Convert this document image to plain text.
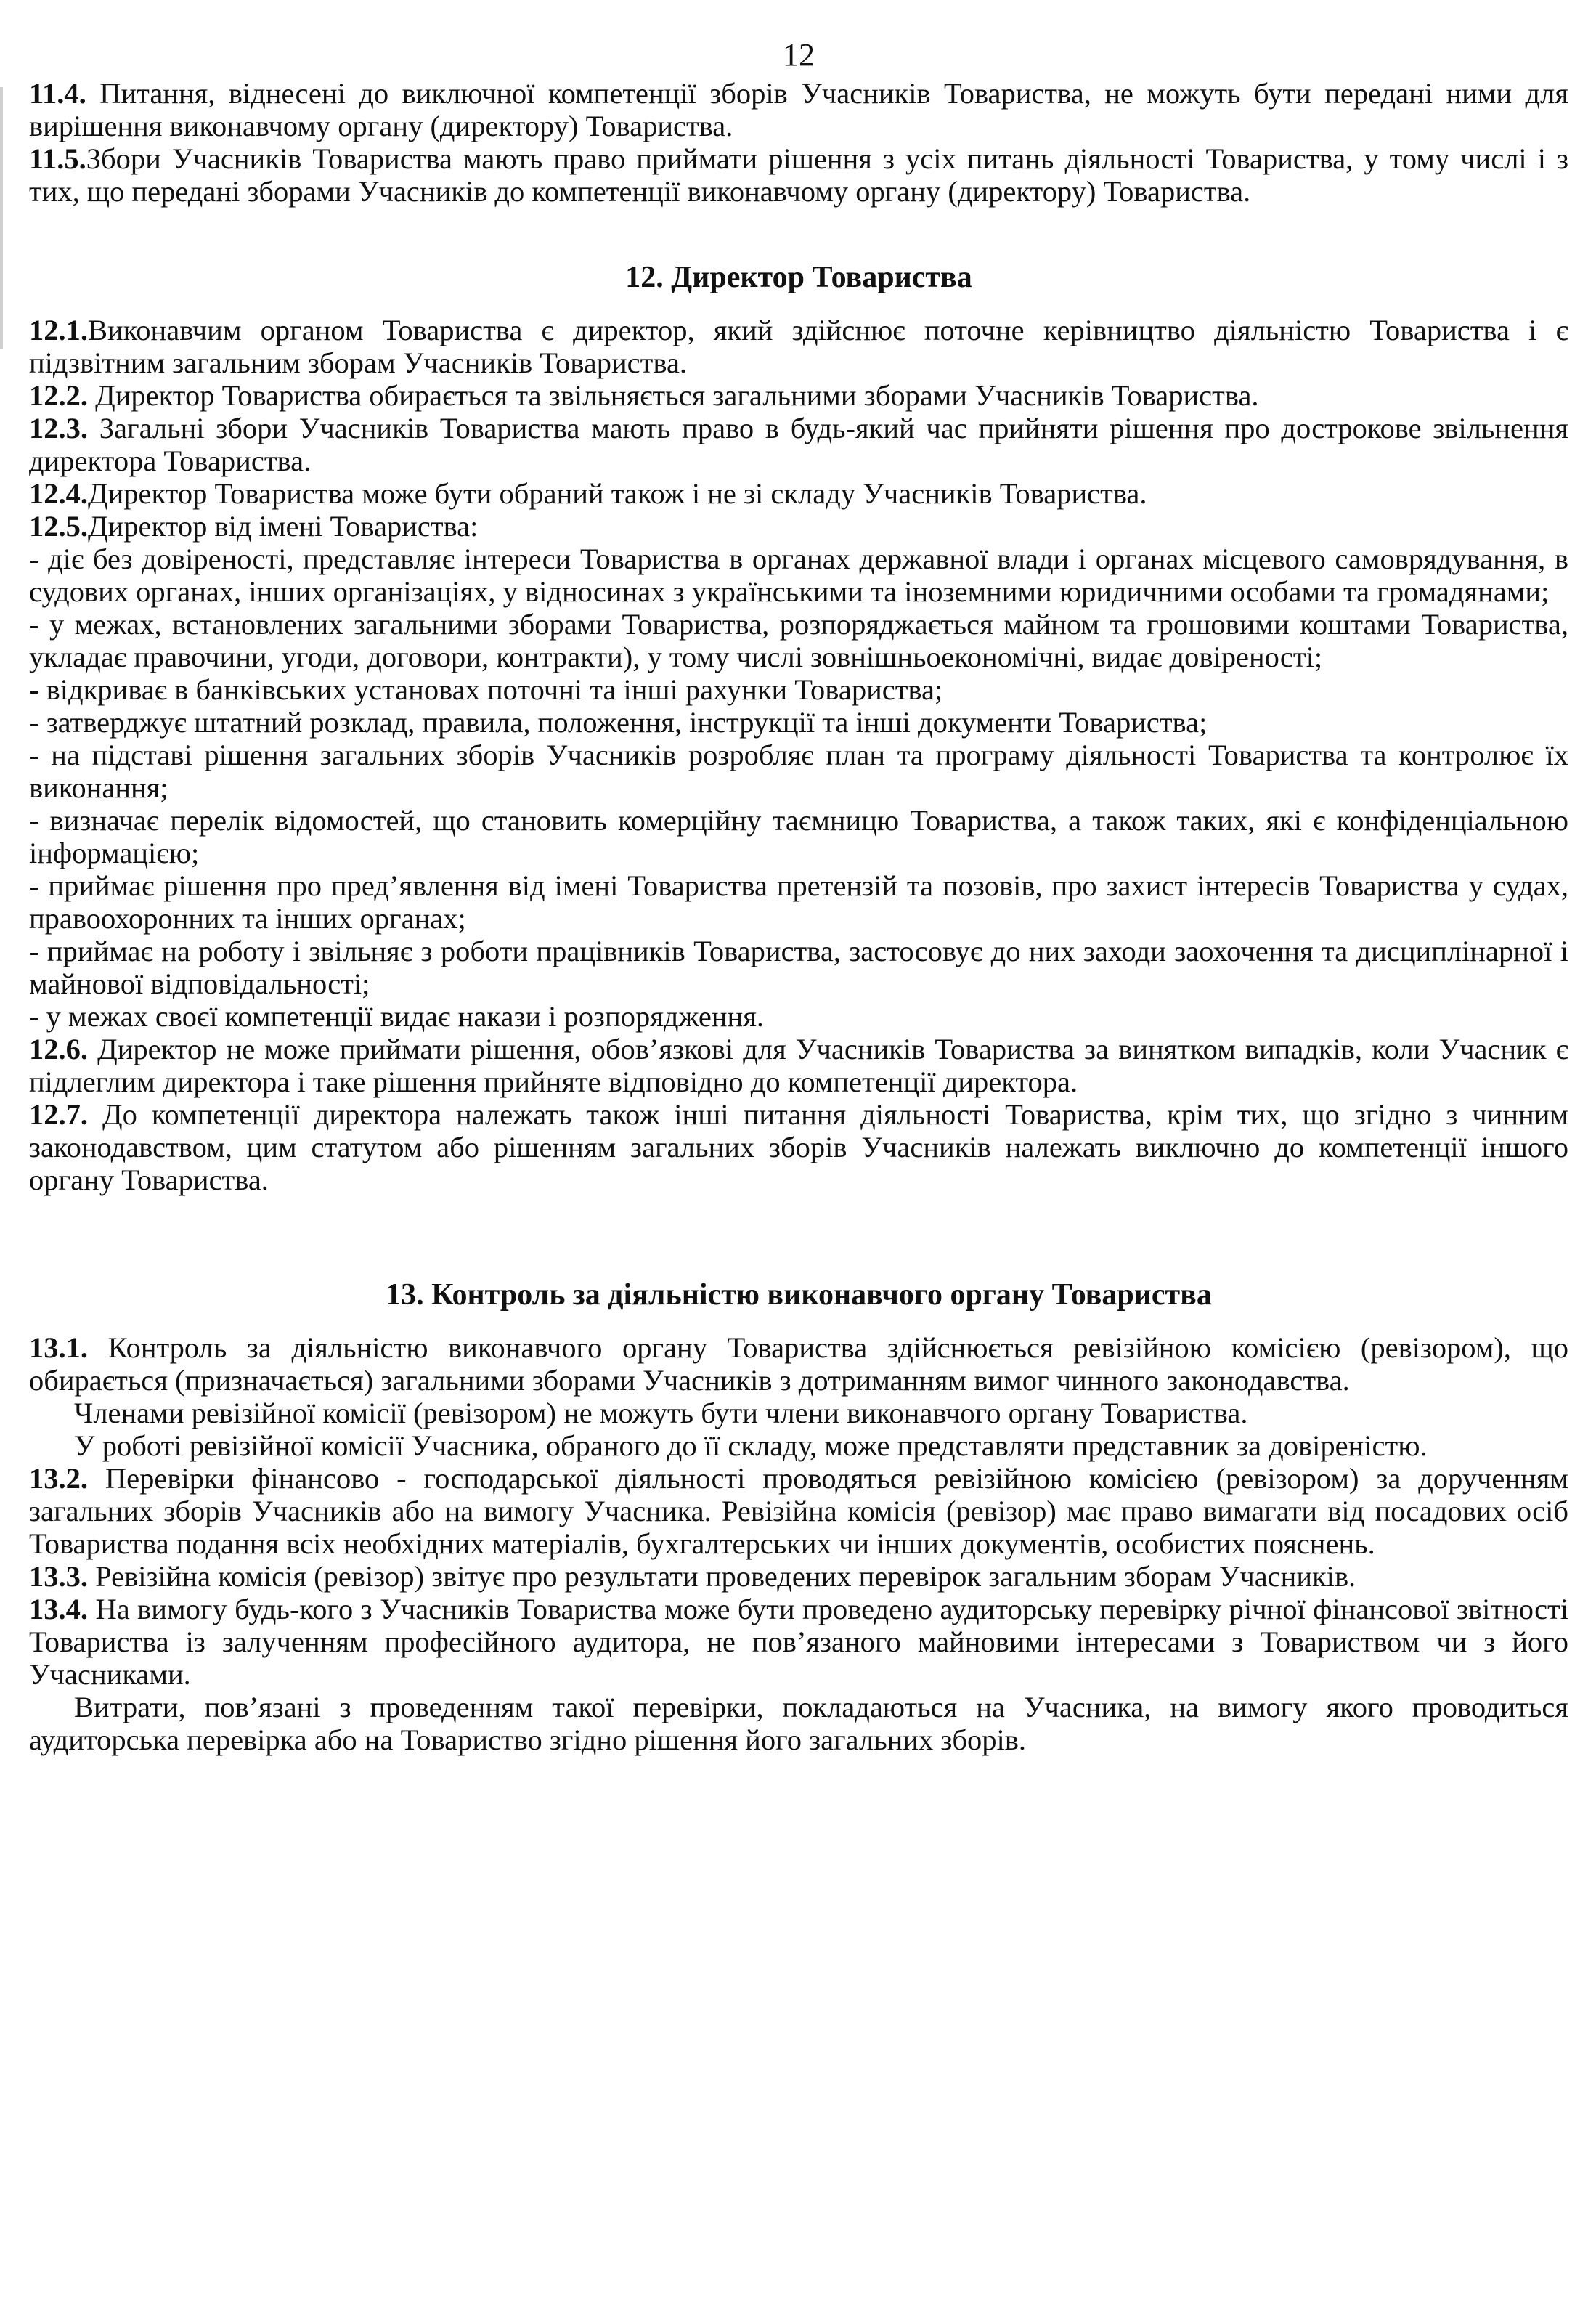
12

11.4. Питання, віднесені до виключної компетенції зборів Учасників Товариства, не можуть бути передані ними для вирішення виконавчому органу (директору) Товариства.

11.5.Збори Учасників Товариства мають право приймати рішення з усіх питань діяльності Товариства, у тому числі і з тих, що передані зборами Учасників до компетенції виконавчому органу (директору) Товариства.

12. Директор Товариства

12.1.Виконавчим органом Товариства є директор, який здійснює поточне керівництво діяльністю Товариства і є підзвітним загальним зборам Учасників Товариства.

12.2. Директор Товариства обирається та звільняється загальними зборами Учасників Товариства.

12.3. Загальні збори Учасників Товариства мають право в будь-який час прийняти рішення про дострокове звільнення директора Товариства.

12.4.Директор Товариства може бути обраний також і не зі складу Учасників Товариства.

12.5.Директор від імені Товариства:

- діє без довіреності, представляє інтереси Товариства в органах державної влади і органах місцевого самоврядування, в судових органах, інших організаціях, у відносинах з українськими та іноземними юридичними особами та громадянами;

- у межах, встановлених загальними зборами Товариства, розпоряджається майном та грошовими коштами Товариства, укладає правочини, угоди, договори, контракти), у тому числі зовнішньоекономічні, видає довіреності;

- відкриває в банківських установах поточні та інші рахунки Товариства;

- затверджує штатний розклад, правила, положення, інструкції та інші документи Товариства;

- на підставі рішення загальних зборів Учасників розробляє план та програму діяльності Товариства та контролює їх виконання;

- визначає перелік відомостей, що становить комерційну таємницю Товариства, а також таких, які є конфіденціальною інформацією;

- приймає рішення про пред’явлення від імені Товариства претензій та позовів, про захист інтересів Товариства у судах, правоохоронних та інших органах;

- приймає на роботу і звільняє з роботи працівників Товариства, застосовує до них заходи заохочення та дисциплінарної і майнової відповідальності;

- у межах своєї компетенції видає накази і розпорядження.

12.6. Директор не може приймати рішення, обов’язкові для Учасників Товариства за винятком випадків, коли Учасник є підлеглим директора і таке рішення прийняте відповідно до компетенції директора.

12.7. До компетенції директора належать також інші питання діяльності Товариства, крім тих, що згідно з чинним законодавством, цим статутом або рішенням загальних зборів Учасників належать виключно до компетенції іншого органу Товариства.

13. Контроль за діяльністю виконавчого органу Товариства

13.1. Контроль за діяльністю виконавчого органу Товариства здійснюється ревізійною комісією (ревізором), що обирається (призначається) загальними зборами Учасників з дотриманням вимог чинного законодавства.

Членами ревізійної комісії (ревізором) не можуть бути члени виконавчого органу Товариства.

У роботі ревізійної комісії Учасника, обраного до її складу, може представляти представник за довіреністю.

13.2. Перевірки фінансово - господарської діяльності проводяться ревізійною комісією (ревізором) за дорученням загальних зборів Учасників або на вимогу Учасника. Ревізійна комісія (ревізор) має право вимагати від посадових осіб Товариства подання всіх необхідних матеріалів, бухгалтерських чи інших документів, особистих пояснень.

13.3. Ревізійна комісія (ревізор) звітує про результати проведених перевірок загальним зборам Учасників.

13.4. На вимогу будь-кого з Учасників Товариства може бути проведено аудиторську перевірку річної фінансової звітності Товариства із залученням професійного аудитора, не пов’язаного майновими інтересами з Товариством чи з його Учасниками.

Витрати, пов’язані з проведенням такої перевірки, покладаються на Учасника, на вимогу якого проводиться аудиторська перевірка або на Товариство згідно рішення його загальних зборів.
